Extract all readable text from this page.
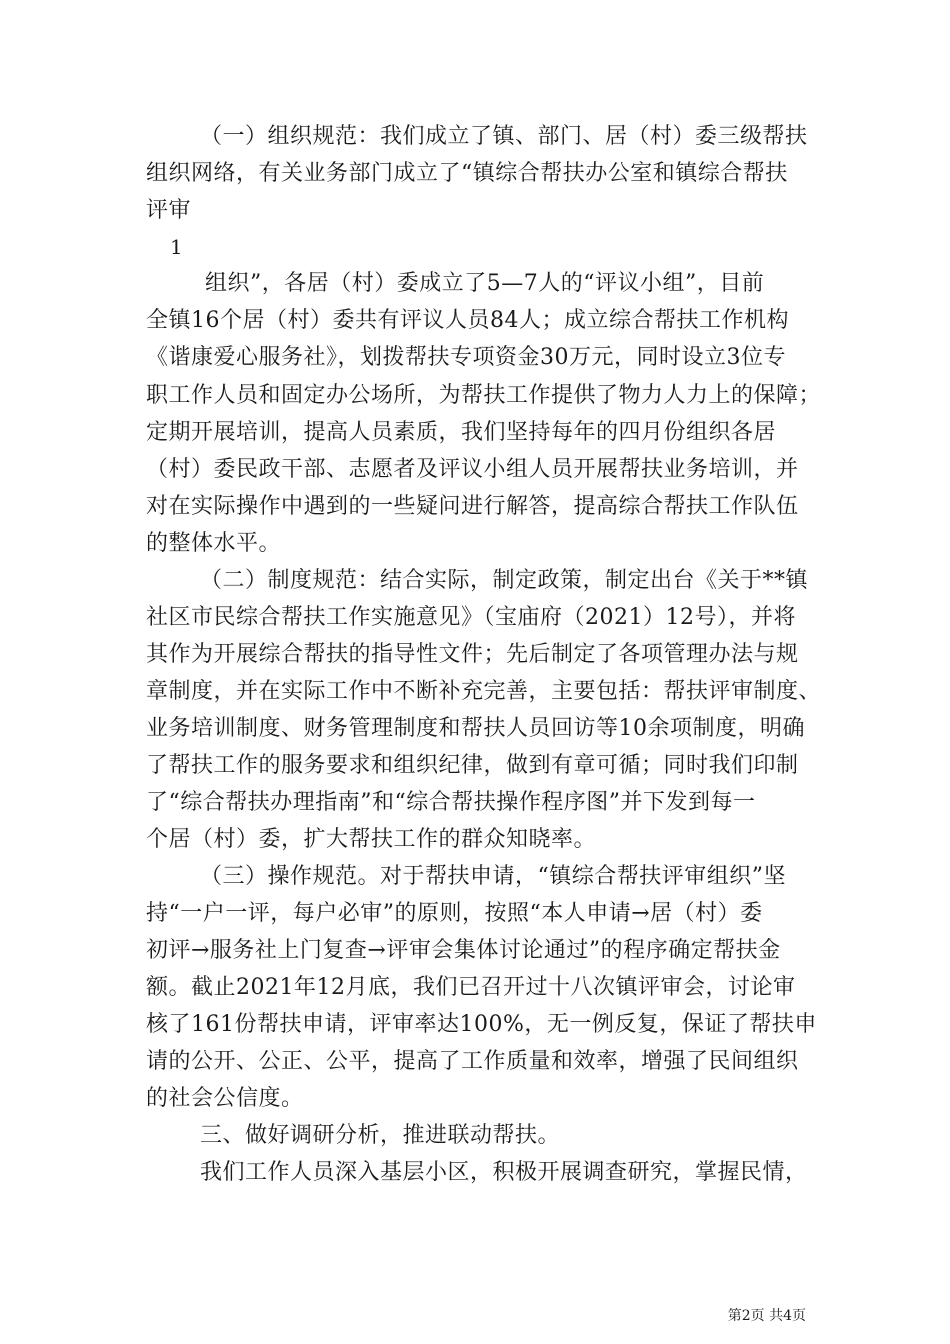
（一）组织规范：我们成立了镇、部门、居（村）委三级帮扶
组织网络，有关业务部门成立了“镇综合帮扶办公室和镇综合帮扶
评审
1
组织”，各居（村）委成立了5—7人的“评议小组”，目前
全镇16个居（村）委共有评议人员84人；成立综合帮扶工作机构
《谐康爱心服务社》，划拨帮扶专项资金30万元，同时设立3位专
职工作人员和固定办公场所，为帮扶工作提供了物力人力上的保障；
定期开展培训，提高人员素质，我们坚持每年的四月份组织各居
（村）委民政干部、志愿者及评议小组人员开展帮扶业务培训，并
对在实际操作中遇到的一些疑问进行解答，提高综合帮扶工作队伍
的整体水平。
（二）制度规范：结合实际，制定政策，制定出台《关于**镇
社区市民综合帮扶工作实施意见》（宝庙府（2021）12号），并将
其作为开展综合帮扶的指导性文件；先后制定了各项管理办法与规
章制度，并在实际工作中不断补充完善，主要包括：帮扶评审制度、
业务培训制度、财务管理制度和帮扶人员回访等10余项制度，明确
了帮扶工作的服务要求和组织纪律，做到有章可循；同时我们印制
了“综合帮扶办理指南”和“综合帮扶操作程序图”并下发到每一
个居（村）委，扩大帮扶工作的群众知晓率。
（三）操作规范。对于帮扶申请，“镇综合帮扶评审组织”坚
持“一户一评，每户必审”的原则，按照“本人申请→居（村）委
初评→服务社上门复查→评审会集体讨论通过”的程序确定帮扶金
额。截止2021年12月底，我们已召开过十八次镇评审会，讨论审
核了161份帮扶申请，评审率达100%，无一例反复，保证了帮扶申
请的公开、公正、公平，提高了工作质量和效率，增强了民间组织
的社会公信度。
三、做好调研分析，推进联动帮扶。
我们工作人员深入基层小区，积极开展调查研究，掌握民情，
第2页 共4页
